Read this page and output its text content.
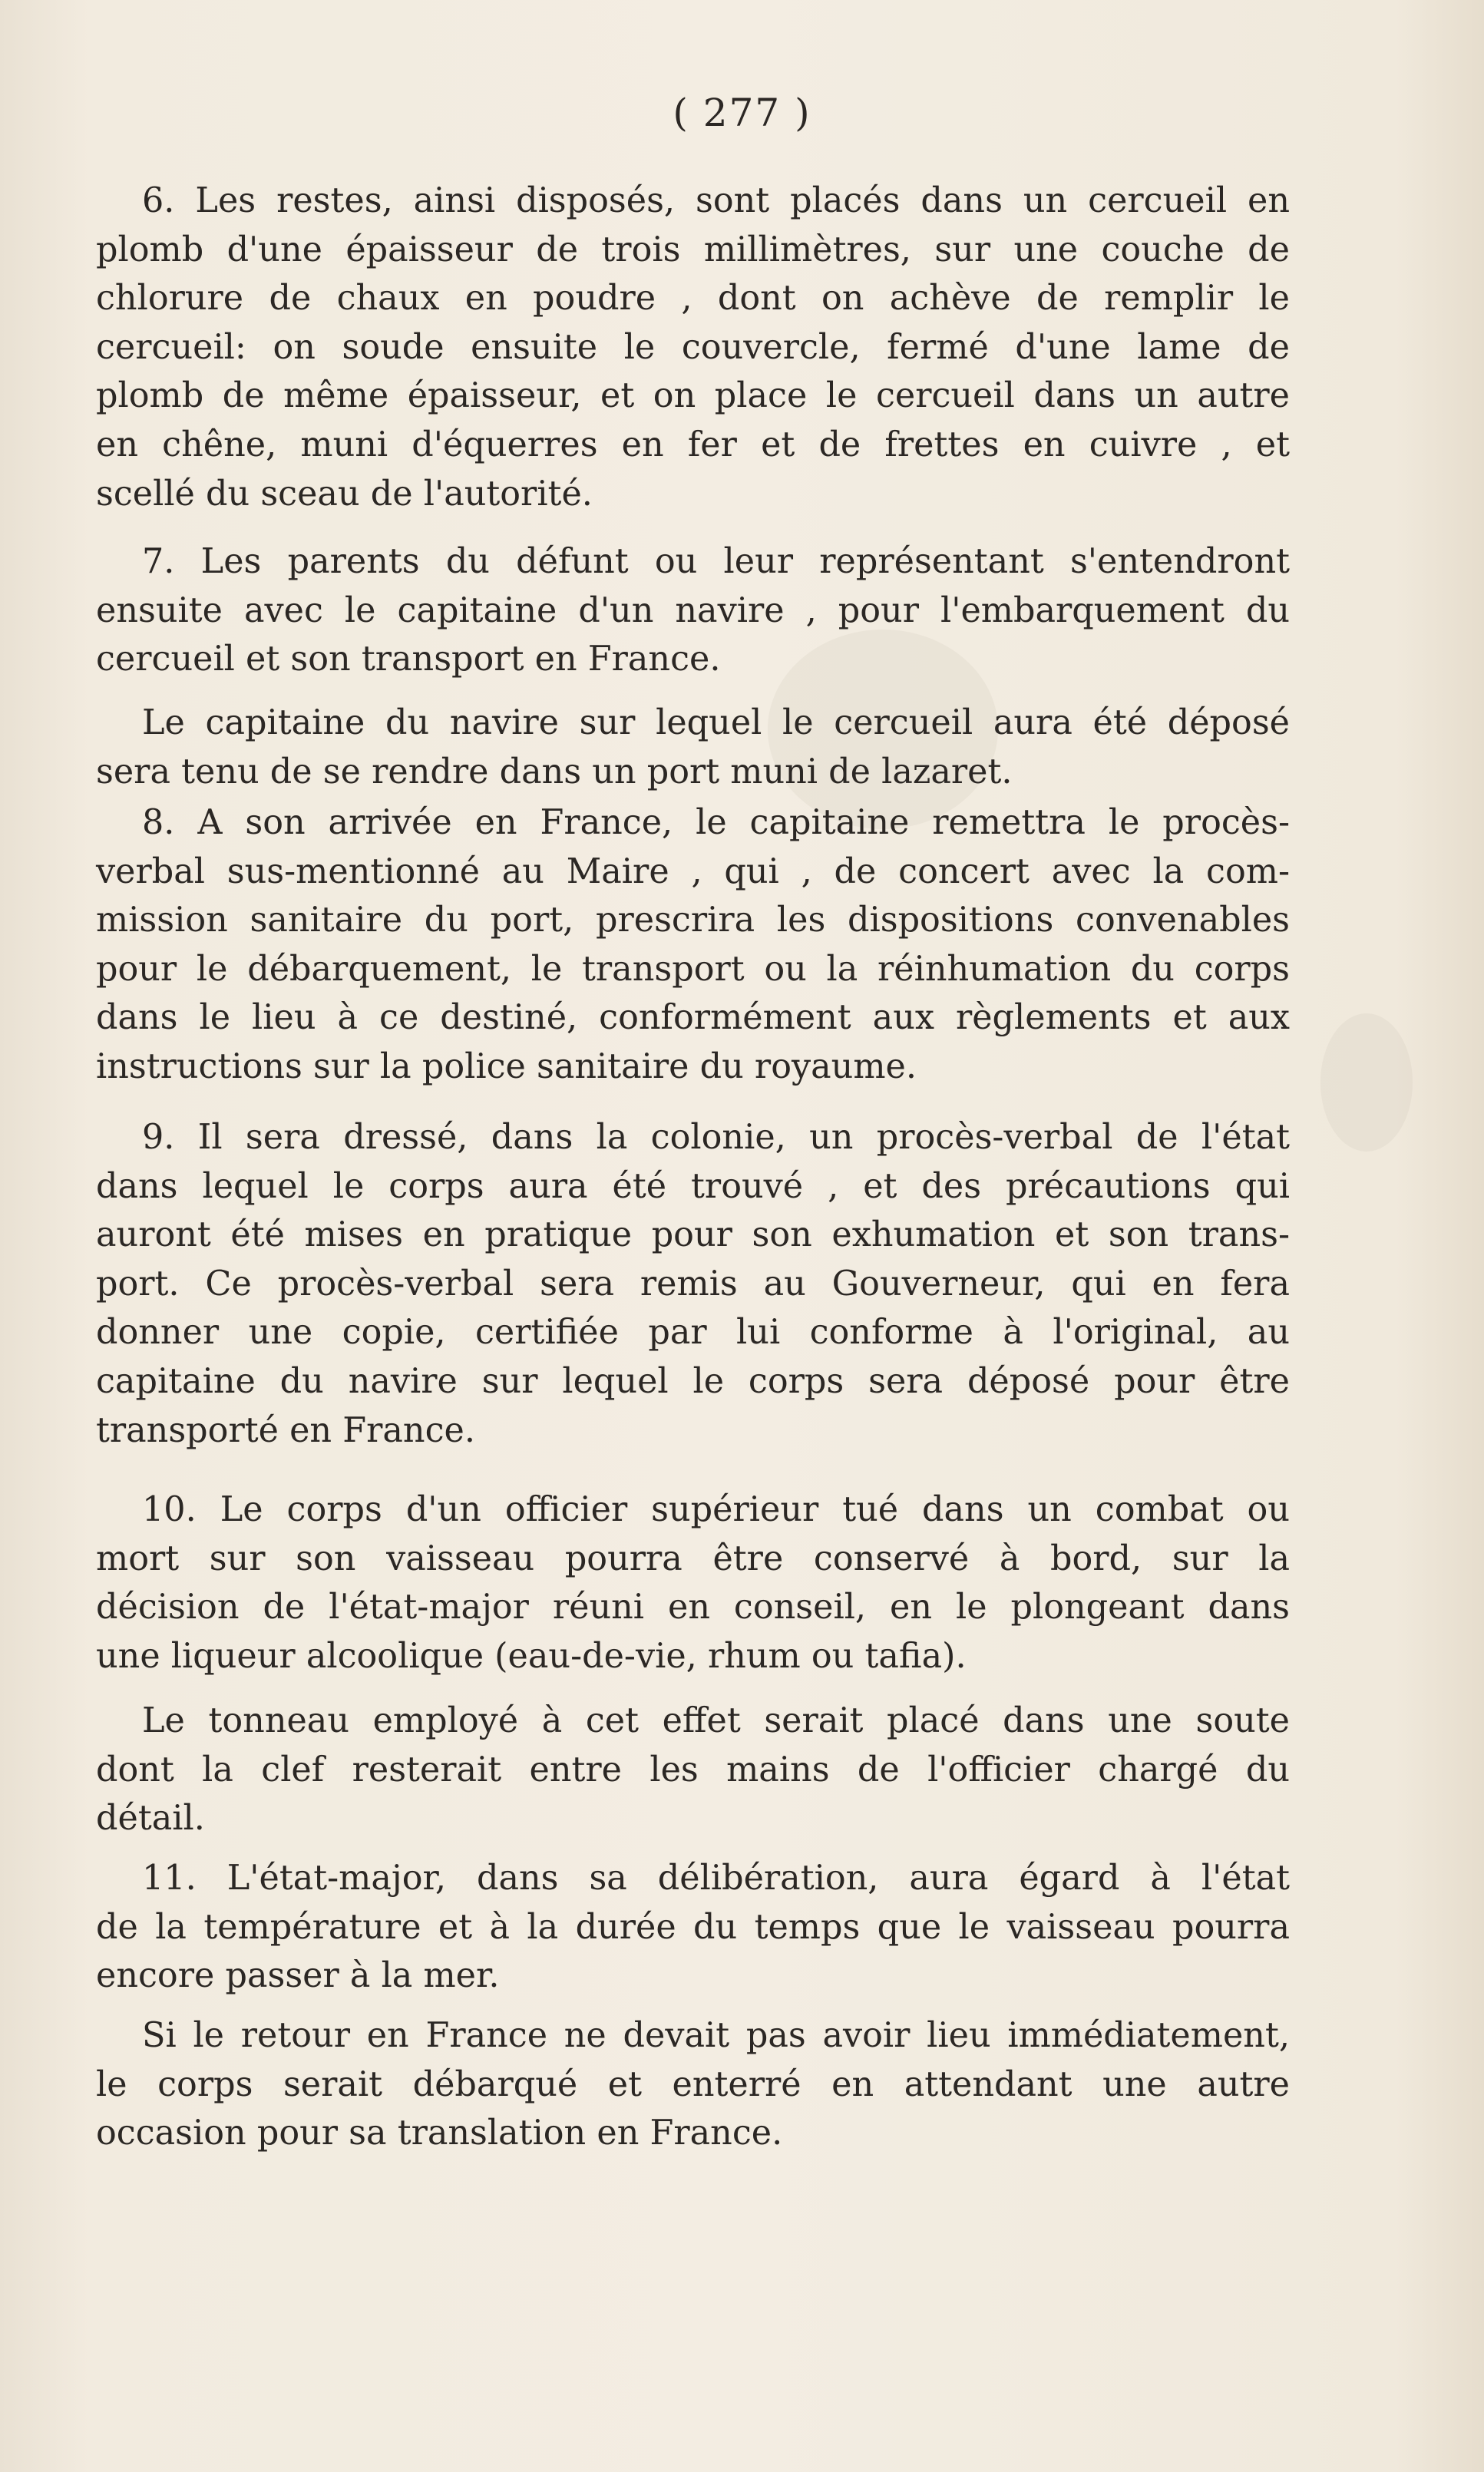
( 277 )
6. Les restes, ainsi disposés, sont placés dans un cercueil en
plomb d'une épaisseur de trois millimètres, sur une couche de
chlorure de chaux en poudre , dont on achève de remplir le
cercueil: on soude ensuite le couvercle, fermé d'une lame de
plomb de même épaisseur, et on place le cercueil dans un autre
en chêne, muni d'équerres en fer et de frettes en cuivre , et
scellé du sceau de l'autorité.
7. Les parents du défunt ou leur représentant s'entendront
ensuite avec le capitaine d'un navire , pour l'embarquement du
cercueil et son transport en France.
Le capitaine du navire sur lequel le cercueil aura été déposé
sera tenu de se rendre dans un port muni de lazaret.
8. A son arrivée en France, le capitaine remettra le procès-
verbal sus-mentionné au Maire , qui , de concert avec la com-
mission sanitaire du port, prescrira les dispositions convenables
pour le débarquement, le transport ou la réinhumation du corps
dans le lieu à ce destiné, conformément aux règlements et aux
instructions sur la police sanitaire du royaume.
9. Il sera dressé, dans la colonie, un procès-verbal de l'état
dans lequel le corps aura été trouvé , et des précautions qui
auront été mises en pratique pour son exhumation et son trans-
port. Ce procès-verbal sera remis au Gouverneur, qui en fera
donner une copie, certifiée par lui conforme à l'original, au
capitaine du navire sur lequel le corps sera déposé pour être
transporté en France.
10. Le corps d'un officier supérieur tué dans un combat ou
mort sur son vaisseau pourra être conservé à bord, sur la
décision de l'état-major réuni en conseil, en le plongeant dans
une liqueur alcoolique (eau-de-vie, rhum ou tafia).
Le tonneau employé à cet effet serait placé dans une soute
dont la clef resterait entre les mains de l'officier chargé du
détail.
11. L'état-major, dans sa délibération, aura égard à l'état
de la température et à la durée du temps que le vaisseau pourra
encore passer à la mer.
Si le retour en France ne devait pas avoir lieu immédiatement,
le corps serait débarqué et enterré en attendant une autre
occasion pour sa translation en France.
